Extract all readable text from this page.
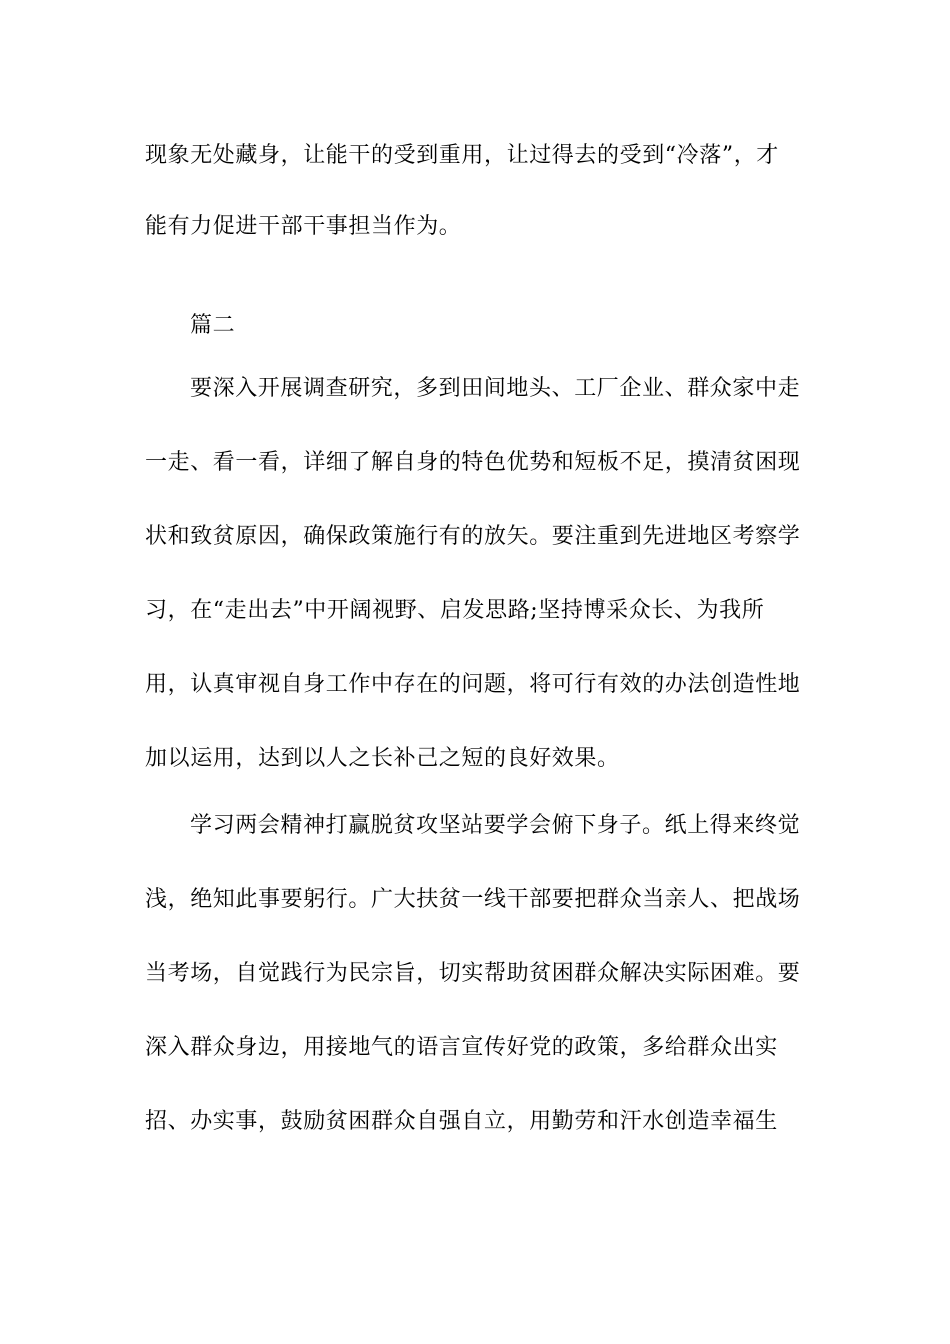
现象无处藏身，让能干的受到重用，让过得去的受到“冷落”，才
能有力促进干部干事担当作为。
篇二
要深入开展调查研究，多到田间地头、工厂企业、群众家中走
一走、看一看，详细了解自身的特色优势和短板不足，摸清贫困现
状和致贫原因，确保政策施行有的放矢。要注重到先进地区考察学
习，在“走出去”中开阔视野、启发思路;坚持博采众长、为我所
用，认真审视自身工作中存在的问题，将可行有效的办法创造性地
加以运用，达到以人之长补己之短的良好效果。
学习两会精神打赢脱贫攻坚站要学会俯下身子。纸上得来终觉
浅，绝知此事要躬行。广大扶贫一线干部要把群众当亲人、把战场
当考场，自觉践行为民宗旨，切实帮助贫困群众解决实际困难。要
深入群众身边，用接地气的语言宣传好党的政策，多给群众出实
招、办实事，鼓励贫困群众自强自立，用勤劳和汗水创造幸福生
